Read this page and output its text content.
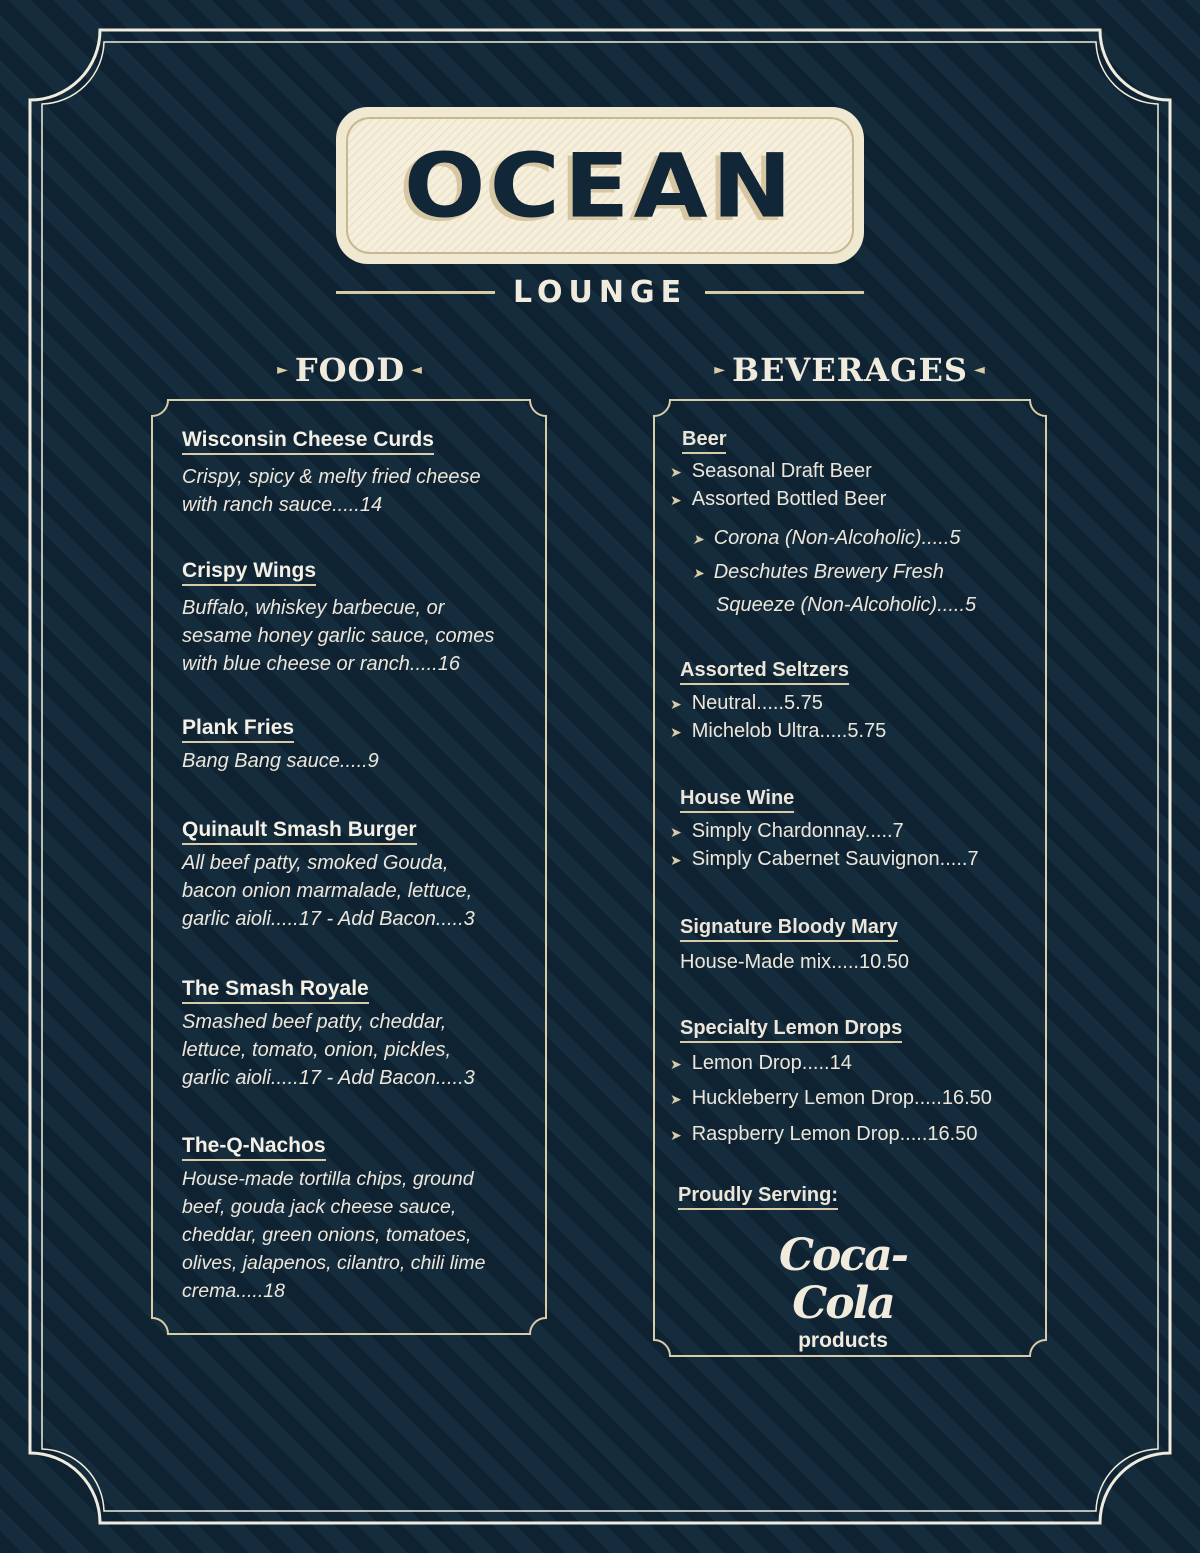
OCEAN
LOUNGE
► FOOD ◄	► BEVERAGES ◄
Wisconsin Cheese Curds
Crispy, spicy & melty fried cheese
with ranch sauce.....14
Crispy Wings
Buffalo, whiskey barbecue, or
sesame honey garlic sauce, comes
with blue cheese or ranch.....16
Plank Fries
Bang Bang sauce.....9
Quinault Smash Burger
All beef patty, smoked Gouda,
bacon onion marmalade, lettuce,
garlic aioli.....17 - Add Bacon.....3
The Smash Royale
Smashed beef patty, cheddar,
lettuce, tomato, onion, pickles,
garlic aioli.....17 - Add Bacon.....3
The-Q-Nachos
House-made tortilla chips, ground
beef, gouda jack cheese sauce,
cheddar, green onions, tomatoes,
olives, jalapenos, cilantro, chili lime
crema.....18
Beer
➤ Seasonal Draft Beer
➤ Assorted Bottled Beer
➤ Corona (Non-Alcoholic).....5
➤ Deschutes Brewery Fresh
Squeeze (Non-Alcoholic).....5
Assorted Seltzers
➤ Neutral.....5.75
➤ Michelob Ultra.....5.75
House Wine
➤ Simply Chardonnay.....7
➤ Simply Cabernet Sauvignon.....7
Signature Bloody Mary
House-Made mix.....10.50
Specialty Lemon Drops
➤ Lemon Drop.....14
➤ Huckleberry Lemon Drop.....16.50
➤ Raspberry Lemon Drop.....16.50
Proudly Serving:
Coca-Cola
products
